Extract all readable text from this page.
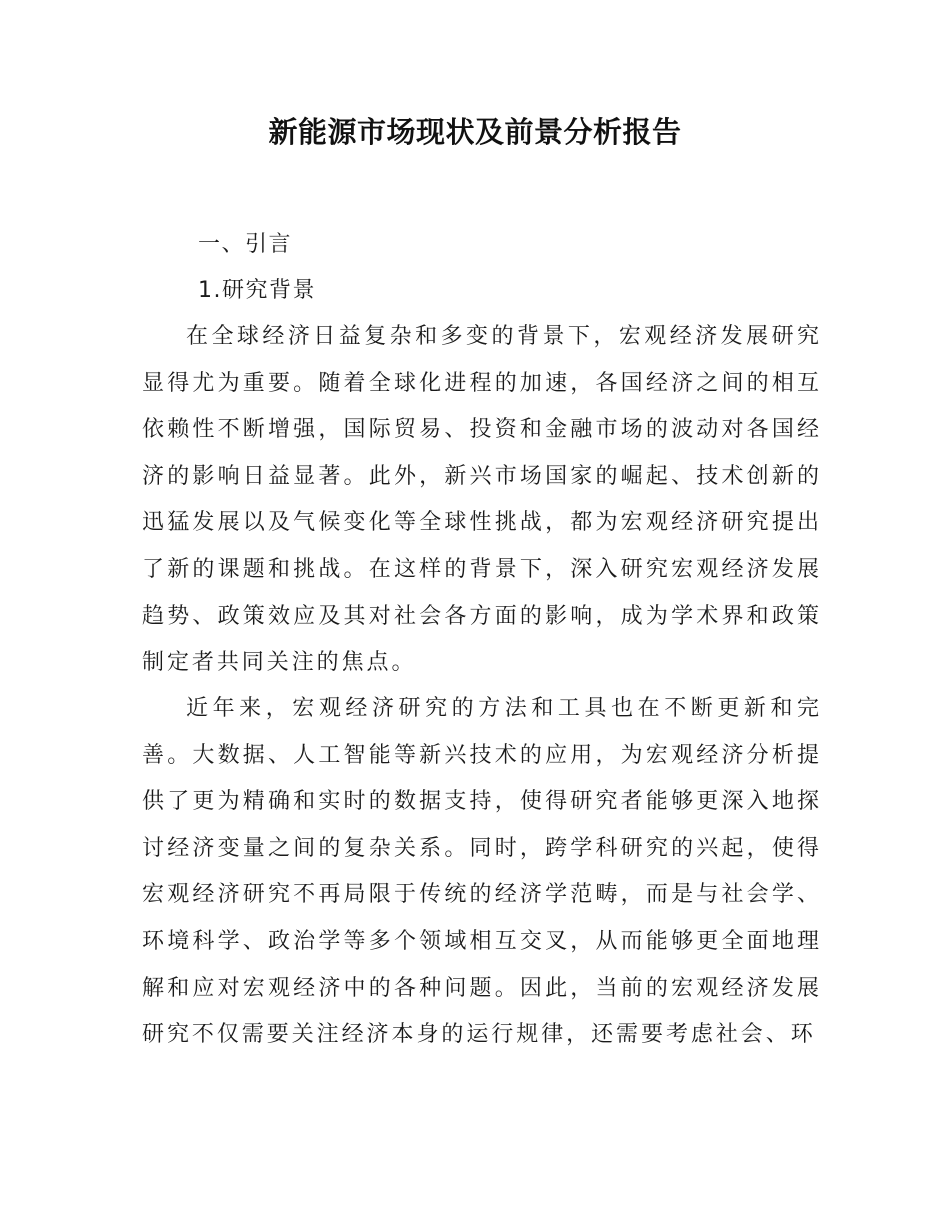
新能源市场现状及前景分析报告
一、引言
1.研究背景

在全球经济日益复杂和多变的背景下，宏观经济发展研究显得尤为重要。随着全球化进程的加速，各国经济之间的相互依赖性不断增强，国际贸易、投资和金融市场的波动对各国经济的影响日益显著。此外，新兴市场国家的崛起、技术创新的迅猛发展以及气候变化等全球性挑战，都为宏观经济研究提出了新的课题和挑战。在这样的背景下，深入研究宏观经济发展趋势、政策效应及其对社会各方面的影响，成为学术界和政策制定者共同关注的焦点。

近年来，宏观经济研究的方法和工具也在不断更新和完善。大数据、人工智能等新兴技术的应用，为宏观经济分析提供了更为精确和实时的数据支持，使得研究者能够更深入地探讨经济变量之间的复杂关系。同时，跨学科研究的兴起，使得宏观经济研究不再局限于传统的经济学范畴，而是与社会学、环境科学、政治学等多个领域相互交叉，从而能够更全面地理解和应对宏观经济中的各种问题。因此，当前的宏观经济发展研究不仅需要关注经济本身的运行规律，还需要考虑社会、环
